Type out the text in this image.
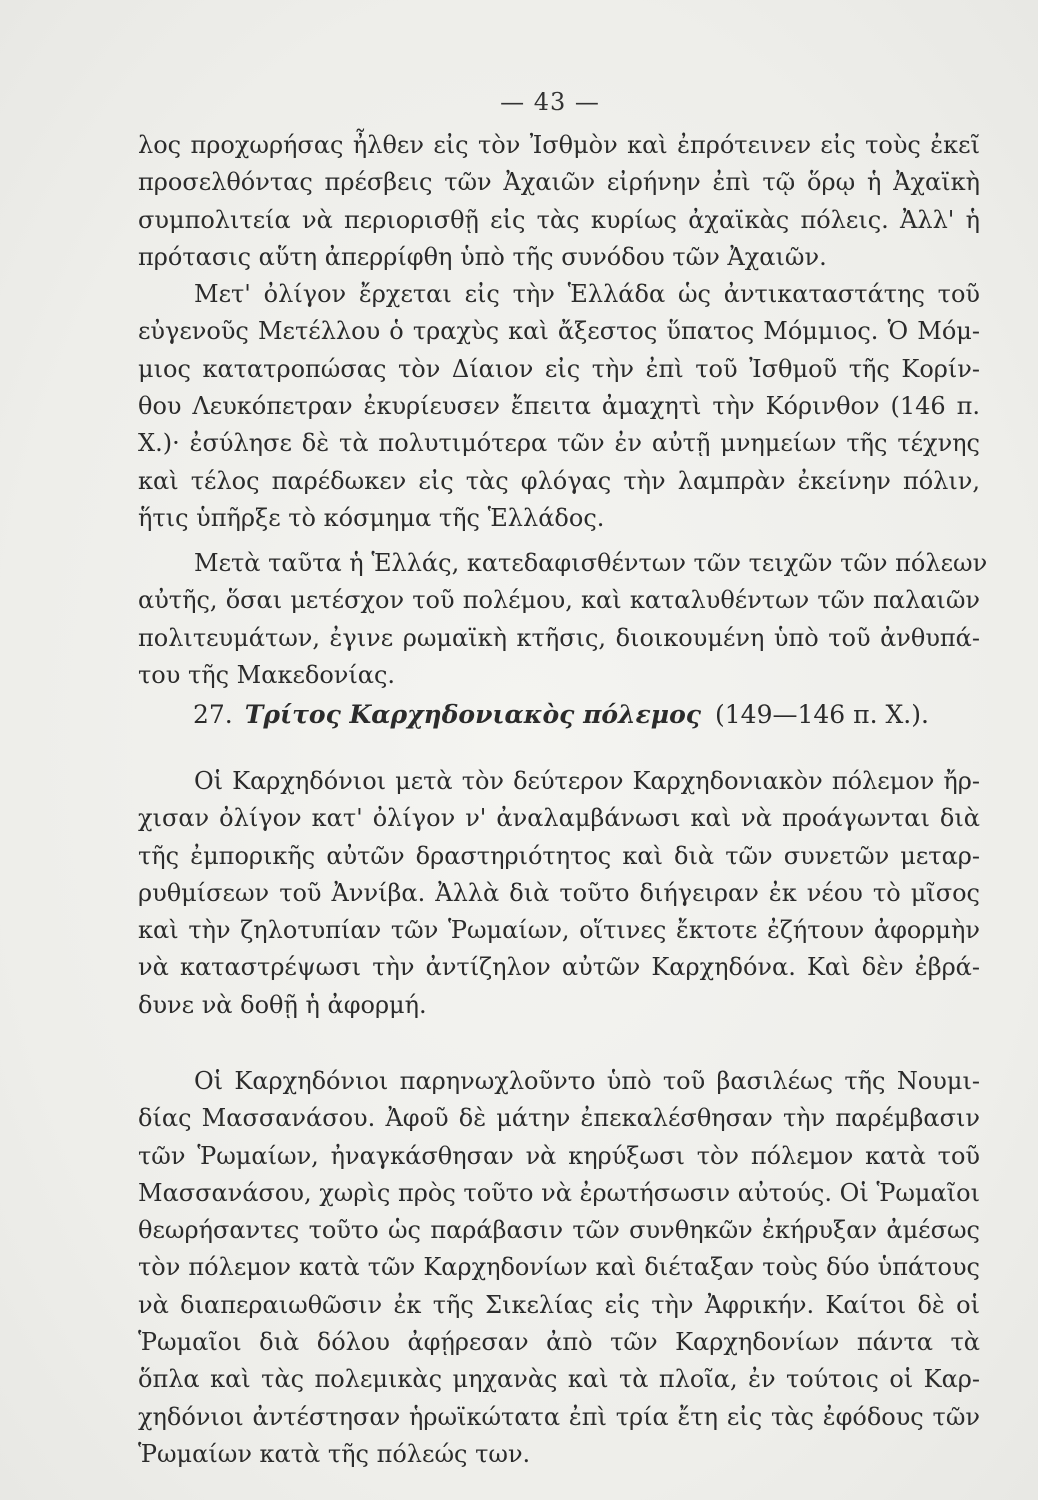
— 43 —
λος προχωρήσας ἦλθεν εἰς τὸν Ἰσθμὸν καὶ ἐπρότεινεν εἰς τοὺς ἐκεῖ
προσελθόντας πρέσβεις τῶν Ἀχαιῶν εἰρήνην ἐπὶ τῷ ὅρῳ ἡ Ἀχαϊκὴ
συμπολιτεία νὰ περιορισθῇ εἰς τὰς κυρίως ἀχαϊκὰς πόλεις. Ἀλλ' ἡ
πρότασις αὕτη ἀπερρίφθη ὑπὸ τῆς συνόδου τῶν Ἀχαιῶν.
Μετ' ὀλίγον ἔρχεται εἰς τὴν Ἑλλάδα ὡς ἀντικαταστάτης τοῦ
εὐγενοῦς Μετέλλου ὁ τραχὺς καὶ ἄξεστος ὕπατος Μόμμιος. Ὁ Μόμ-
μιος κατατροπώσας τὸν Δίαιον εἰς τὴν ἐπὶ τοῦ Ἰσθμοῦ τῆς Κορίν-
θου Λευκόπετραν ἐκυρίευσεν ἔπειτα ἀμαχητὶ τὴν Κόρινθον (146 π.
Χ.)· ἐσύλησε δὲ τὰ πολυτιμότερα τῶν ἐν αὐτῇ μνημείων τῆς τέχνης
καὶ τέλος παρέδωκεν εἰς τὰς φλόγας τὴν λαμπρὰν ἐκείνην πόλιν,
ἥτις ὑπῆρξε τὸ κόσμημα τῆς Ἑλλάδος.
Μετὰ ταῦτα ἡ Ἑλλάς, κατεδαφισθέντων τῶν τειχῶν τῶν πόλεων
αὐτῆς, ὅσαι μετέσχον τοῦ πολέμου, καὶ καταλυθέντων τῶν παλαιῶν
πολιτευμάτων, ἐγινε ρωμαϊκὴ κτῆσις, διοικουμένη ὑπὸ τοῦ ἀνθυπά-
του τῆς Μακεδονίας.
27. Τρίτος Καρχηδονιακὸς πόλεμος (149—146 π. Χ.).
Οἱ Καρχηδόνιοι μετὰ τὸν δεύτερον Καρχηδονιακὸν πόλεμον ἤρ-
χισαν ὀλίγον κατ' ὀλίγον ν' ἀναλαμβάνωσι καὶ νὰ προάγωνται διὰ
τῆς ἐμπορικῆς αὐτῶν δραστηριότητος καὶ διὰ τῶν συνετῶν μεταρ-
ρυθμίσεων τοῦ Ἀννίβα. Ἀλλὰ διὰ τοῦτο διήγειραν ἐκ νέου τὸ μῖσος
καὶ τὴν ζηλοτυπίαν τῶν Ῥωμαίων, οἵτινες ἔκτοτε ἐζήτουν ἀφορμὴν
νὰ καταστρέψωσι τὴν ἀντίζηλον αὐτῶν Καρχηδόνα. Καὶ δὲν ἐβρά-
δυνε νὰ δοθῇ ἡ ἀφορμή.
Οἱ Καρχηδόνιοι παρηνωχλοῦντο ὑπὸ τοῦ βασιλέως τῆς Νουμι-
δίας Μασσανάσου. Ἀφοῦ δὲ μάτην ἐπεκαλέσθησαν τὴν παρέμβασιν
τῶν Ῥωμαίων, ἠναγκάσθησαν νὰ κηρύξωσι τὸν πόλεμον κατὰ τοῦ
Μασσανάσου, χωρὶς πρὸς τοῦτο νὰ ἐρωτήσωσιν αὐτούς. Οἱ Ῥωμαῖοι
θεωρήσαντες τοῦτο ὡς παράβασιν τῶν συνθηκῶν ἐκήρυξαν ἀμέσως
τὸν πόλεμον κατὰ τῶν Καρχηδονίων καὶ διέταξαν τοὺς δύο ὑπάτους
νὰ διαπεραιωθῶσιν ἐκ τῆς Σικελίας εἰς τὴν Ἀφρικήν. Καίτοι δὲ οἱ
Ῥωμαῖοι διὰ δόλου ἀφῄρεσαν ἀπὸ τῶν Καρχηδονίων πάντα τὰ
ὅπλα καὶ τὰς πολεμικὰς μηχανὰς καὶ τὰ πλοῖα, ἐν τούτοις οἱ Καρ-
χηδόνιοι ἀντέστησαν ἡρωϊκώτατα ἐπὶ τρία ἔτη εἰς τὰς ἐφόδους τῶν
Ῥωμαίων κατὰ τῆς πόλεώς των.
